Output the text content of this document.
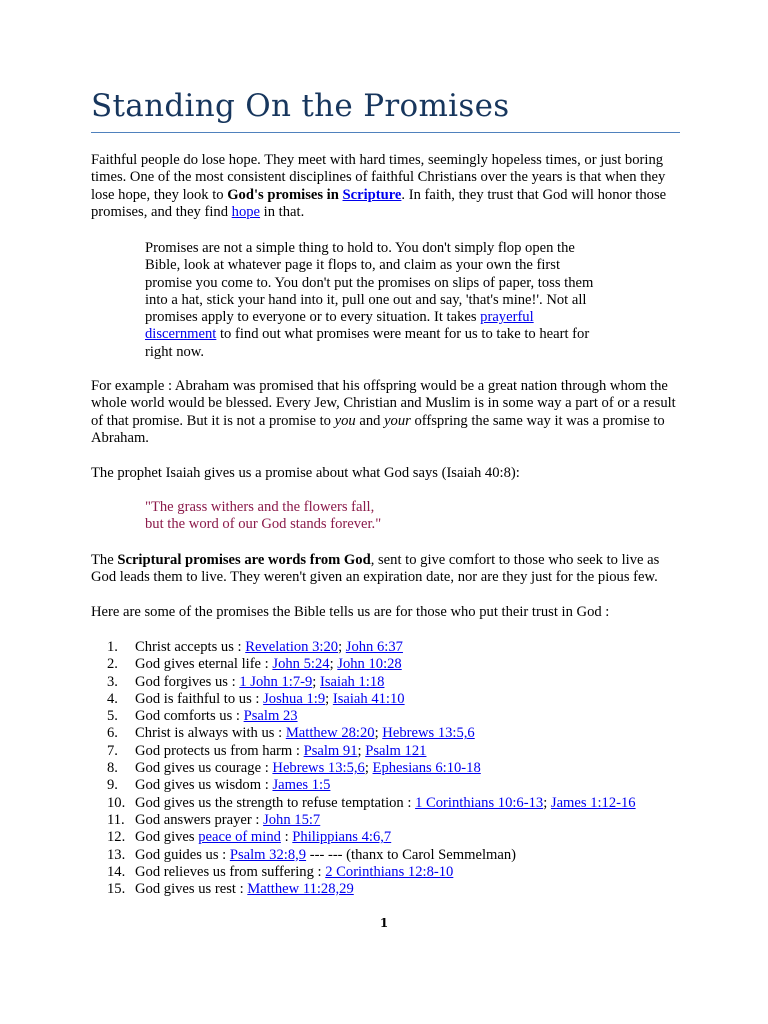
Standing On the Promises

Faithful people do lose hope. They meet with hard times, seemingly hopeless times, or just boring times. One of the most consistent disciplines of faithful Christians over the years is that when they lose hope, they look to God's promises in Scripture. In faith, they trust that God will honor those promises, and they find hope in that.

Promises are not a simple thing to hold to. You don't simply flop open the Bible, look at whatever page it flops to, and claim as your own the first promise you come to. You don't put the promises on slips of paper, toss them into a hat, stick your hand into it, pull one out and say, 'that's mine!'. Not all promises apply to everyone or to every situation. It takes prayerful discernment to find out what promises were meant for us to take to heart for right now.

For example : Abraham was promised that his offspring would be a great nation through whom the whole world would be blessed. Every Jew, Christian and Muslim is in some way a part of or a result of that promise. But it is not a promise to you and your offspring the same way it was a promise to Abraham.

The prophet Isaiah gives us a promise about what God says (Isaiah 40:8):

"The grass withers and the flowers fall,
but the word of our God stands forever."

The Scriptural promises are words from God, sent to give comfort to those who seek to live as God leads them to live. They weren't given an expiration date, nor are they just for the pious few.

Here are some of the promises the Bible tells us are for those who put their trust in God :

1.	Christ accepts us : Revelation 3:20; John 6:37
2.	God gives eternal life : John 5:24; John 10:28
3.	God forgives us : 1 John 1:7-9; Isaiah 1:18
4.	God is faithful to us : Joshua 1:9; Isaiah 41:10
5.	God comforts us : Psalm 23
6.	Christ is always with us : Matthew 28:20; Hebrews 13:5,6
7.	God protects us from harm : Psalm 91; Psalm 121
8.	God gives us courage : Hebrews 13:5,6; Ephesians 6:10-18
9.	God gives us wisdom : James 1:5
10. God gives us the strength to refuse temptation : 1 Corinthians 10:6-13; James 1:12-16
11. God answers prayer : John 15:7
12. God gives peace of mind : Philippians 4:6,7
13. God guides us : Psalm 32:8,9 --- --- (thanx to Carol Semmelman)
14. God relieves us from suffering : 2 Corinthians 12:8-10
15. God gives us rest : Matthew 11:28,29
1
